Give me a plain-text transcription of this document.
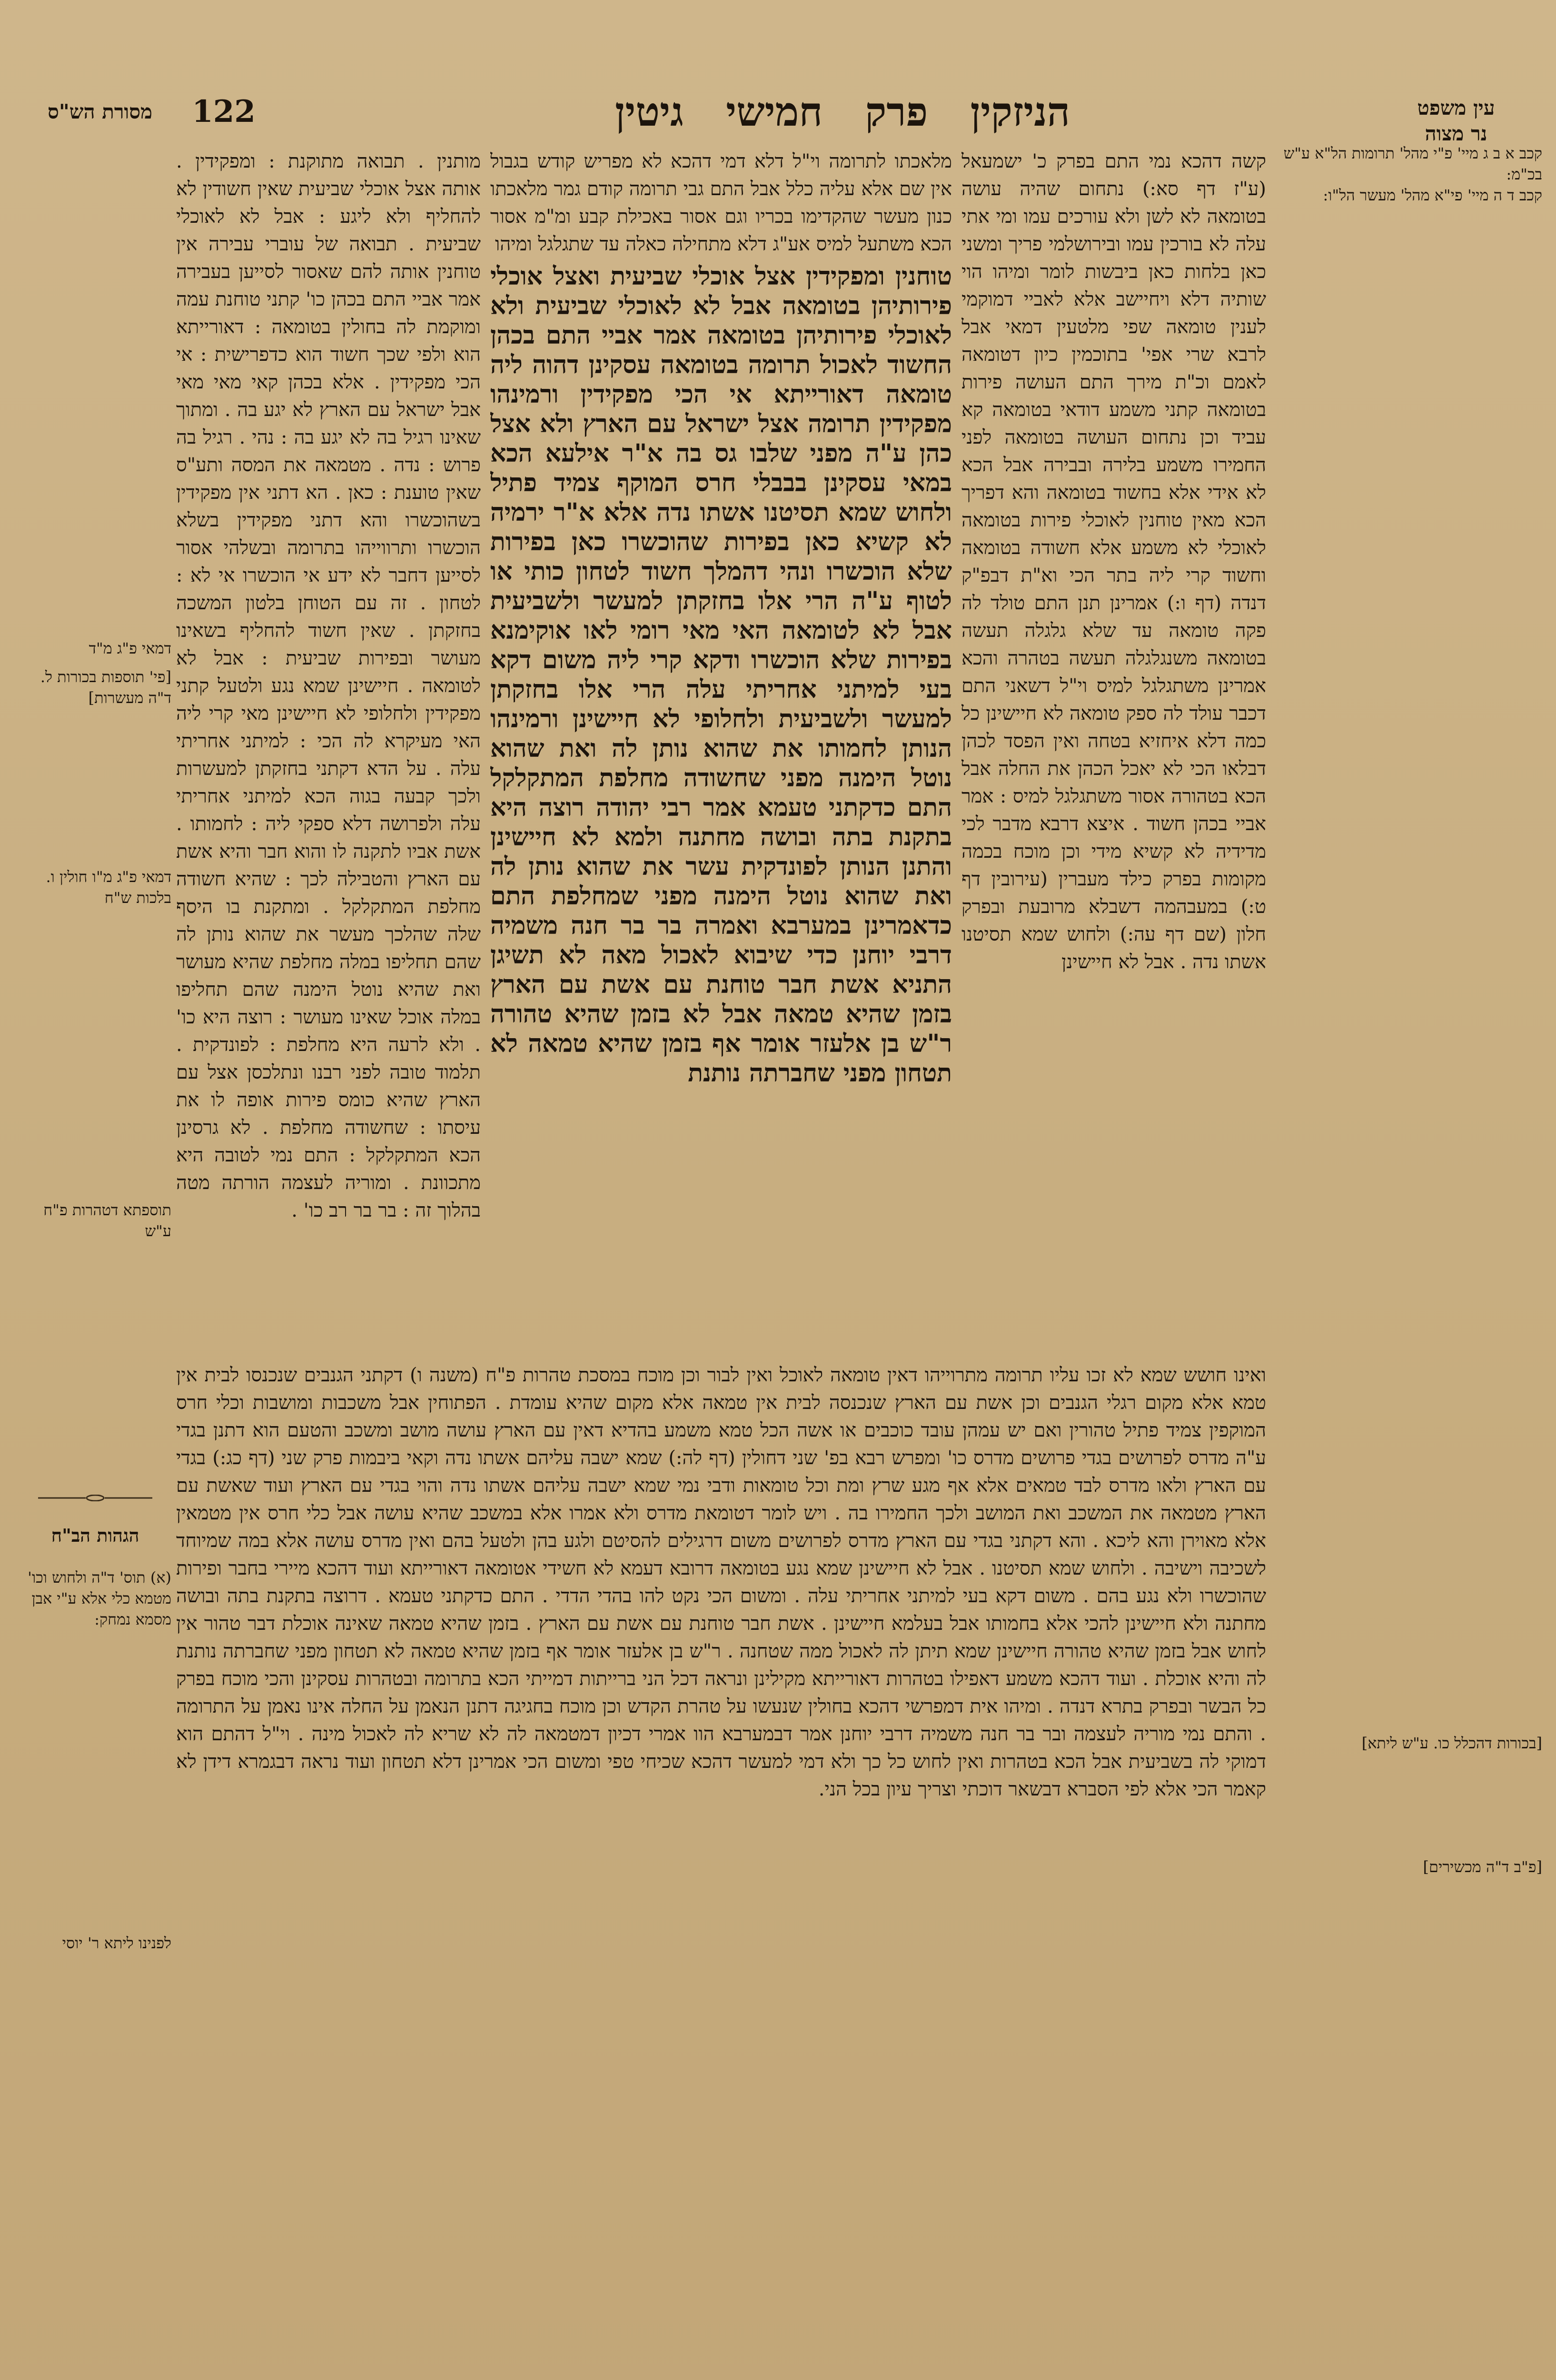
עין משפט
נר מצוה
122	הניזקין פרק חמישי גיטין
מסורת הש"ס
קכב א ב ג מיי' פ"י מהל' תרומות הל"א ע"ש בכ"מ:
קכב ד ה מיי' פי"א מהל' מעשר הל"ו:
דמאי פ"ג מ"ד
[פי' תוספות בכורות ל. ד"ה מעשרות]
דמאי פ"ג מ"ו חולין ו. בלכות ש"ח
תוספתא דטהרות פ"ח ע"ש

הגהות הב"ח

(א) תוס' ד"ה ולחוש וכו' מטמא כלי אלא ע"י אבן מסמא נמחק:

לפנינו ליתא ר' יוסי
[בכורות דהכלל כו. ע"ש ליתא]
[פ"ב ד"ה מכשירים]
מלאכתו לתרומה וי"ל דלא דמי דהכא לא מפריש קודש בגבול אין שם אלא עליה כלל אבל התם גבי תרומה קודם גמר מלאכתו כנון מעשר שהקדימו בכריו וגם אסור באכילת קבע ומ"מ אסור הכא משתעל למיס אע"ג דלא מתחילה כאלה עד שתגלגל ומיהו
טוחנין ומפקידין אצל אוכלי שביעית ואצל אוכלי פירותיהן בטומאה אבל לא לאוכלי שביעית ולא לאוכלי פירותיהן בטומאה אמר אביי התם בכהן החשוד לאכול תרומה בטומאה עסקינן דהוה ליה טומאה דאורייתא אי הכי מפקידין ורמינהו מפקידין תרומה אצל ישראל עם הארץ ולא אצל כהן ע"ה מפני שלבו גס בה א"ר אילעא הכא במאי עסקינן בבבלי חרס המוקף צמיד פתיל ולחוש שמא תסיטנו אשתו נדה אלא א"ר ירמיה לא קשיא כאן בפירות שהוכשרו כאן בפירות שלא הוכשרו ונהי דהמלך חשוד לטחון כותי או לטוף ע"ה הרי אלו בחזקתן למעשר ולשביעית אבל לא לטומאה האי מאי רומי לאו אוקימנא בפירות שלא הוכשרו ודקא קרי ליה משום דקא בעי למיתני אחריתי עלה הרי אלו בחזקתן למעשר ולשביעית ולחלופי לא חיישינן ורמינהו הנותן לחמותו את שהוא נותן לה ואת שהוא נוטל הימנה מפני שחשודה מחלפת המתקלקל התם כדקתני טעמא אמר רבי יהודה רוצה היא בתקנת בתה ובושה מחתנה ולמא לא חיישינן והתנן הנותן לפונדקית עשר את שהוא נותן לה ואת שהוא נוטל הימנה מפני שמחלפת התם כדאמרינן במערבא ואמרה בר בר חנה משמיה דרבי יוחנן כדי שיבוא לאכול מאה לא תשיגן התניא אשת חבר טוחנת עם אשת עם הארץ בזמן שהיא טמאה אבל לא בזמן שהיא טהורה ר"ש בן אלעזר אומר אף בזמן שהיא טמאה לא תטחון מפני שחברתה נותנת
קשה דהכא נמי התם בפרק כ' ישמעאל (ע"ז דף סא:) נתחום שהיה עושה בטומאה לא לשן ולא עורכים עמו ומי אתי עלה לא בורכין עמו ובירושלמי פריך ומשני כאן בלחות כאן ביבשות לומר ומיהו הוי שותיה דלא ויחיישב אלא לאביי דמוקמי לענין טומאה שפי מלטעין דמאי אבל לרבא שרי אפי' בתוכמין כיון דטומאה לאמם וכ"ת מירך התם העושה פירות בטומאה קתני משמע דודאי בטומאה קא עביד וכן נתחום העושה בטומאה לפני החמירו משמע בלירה ובבירה אבל הכא לא אידי אלא בחשוד בטומאה והא דפריך הכא מאין טוחנין לאוכלי פירות בטומאה לאוכלי לא משמע אלא חשודה בטומאה וחשוד קרי ליה בתר הכי וא"ת דבפ"ק דנדה (דף ו:) אמרינן תנן התם טולד לה פקה טומאה עד שלא גלגלה תעשה בטומאה משנגלגלה תעשה בטהרה והכא אמרינן משתגלגל למיס וי"ל דשאני התם דכבר עולד לה ספק טומאה לא חיישינן כל כמה דלא איחזיא בטחה ואין הפסד לכהן דבלאו הכי לא יאכל הכהן את החלה אבל הכא בטהורה אסור משתגלגל למיס : אמר אביי בכהן חשוד . איצא דרבא מדבר לכי מדידיה לא קשיא מידי וכן מוכח בכמה מקומות בפרק כילד מעברין (עירובין דף ט:) במעבהמה דשבלא מרובעת ובפרק חלון (שם דף עה:) ולחוש שמא תסיטנו אשתו נדה . אבל לא חיישינן
מותנין . תבואה מתוקנת : ומפקידין . אותה אצל אוכלי שביעית שאין חשודין לא להחליף ולא ליגע : אבל לא לאוכלי שביעית . תבואה של עוברי עבירה אין טוחנין אותה להם שאסור לסייען בעבירה אמר אביי התם בכהן כו' קתני טוחנת עמה ומוקמת לה בחולין בטומאה : דאורייתא הוא ולפי שכך חשוד הוא כדפרישית : אי הכי מפקידין . אלא בכהן קאי מאי מאי אבל ישראל עם הארץ לא יגע בה . ומתוך שאינו רגיל בה לא יגע בה : נהי . רגיל בה פרוש : נדה . מטמאה את המסה ותע"ס שאין טוענת : כאן . הא דתני אין מפקידין בשהוכשרו והא דתני מפקידין בשלא הוכשרו ותרווייהו בתרומה ובשלהי אסור לסייען דחבר לא ידע אי הוכשרו אי לא : לטחון . זה עם הטוחן בלטון המשכה בחזקתן . שאין חשוד להחליף בשאינו מעושר ובפירות שביעית : אבל לא לטומאה . חיישינן שמא נגע ולטעל קתני מפקידין ולחלופי לא חיישינן מאי קרי ליה האי מעיקרא לה הכי : למיתני אחריתי עלה . על הדא דקתני בחזקתן למעשרות ולכך קבעה בגוה הכא למיתני אחריתי עלה ולפרושה דלא ספקי ליה : לחמותו . אשת אביו לתקנה לו והוא חבר והיא אשת עם הארץ והטבילה לכך : שהיא חשודה מחלפת המתקלקל . ומתקנת בו היסף שלה שהלכך מעשר את שהוא נותן לה שהם תחליפו במלה מחלפת שהיא מעושר ואת שהיא נוטל הימנה שהם תחליפו במלה אוכל שאינו מעושר : רוצה היא כו' . ולא לרעה היא מחלפת : לפונדקית . תלמוד טובה לפני רבנו ונתלכסן אצל עם הארץ שהיא כומס פירות אופה לו את עיסתו : שחשודה מחלפת . לא גרסינן הכא המתקלקל : התם נמי לטובה היא מתכוונת . ומוריה לעצמה הורתה מטה בהלוך זה : בר בר רב כו' .
ואינו חושש שמא לא זכו עליו תרומה מתרוייהו דאין טומאה לאוכל ואין לבור וכן מוכח במסכת טהרות פ"ח (משנה ו) דקתני הגנבים שנכנסו לבית אין טמא אלא מקום רגלי הגנבים וכן אשת עם הארץ שנכנסה לבית אין טמאה אלא מקום שהיא עומדת . הפתוחין אבל משכבות ומושבות וכלי חרס המוקפין צמיד פתיל טהורין ואם יש עמהן עובד כוכבים או אשה הכל טמא משמע בהדיא דאין עם הארץ עושה מושב ומשכב והטעם הוא דתנן בגדי ע"ה מדרס לפרושים בגדי פרושים מדרס כו' ומפרש רבא בפ' שני דחולין (דף לה:) שמא ישבה עליהם אשתו נדה וקאי ביבמות פרק שני (דף כג:) בגדי עם הארץ ולאו מדרס לבד טמאים אלא אף מגע שרץ ומת וכל טומאות ודבי נמי שמא ישבה עליהם אשתו נדה והוי בגדי עם הארץ ועוד שאשת עם הארץ מטמאה את המשכב ואת המושב ולכך החמירו בה . ויש לומר דטומאת מדרס ולא אמרו אלא במשכב שהיא עושה אבל כלי חרס אין מטמאין אלא מאוירן והא ליכא . והא דקתני בגדי עם הארץ מדרס לפרושים משום דרגילים להסיטם ולגע בהן ולטעל בהם ואין מדרס עושה אלא במה שמיוחד לשכיבה וישיבה . ולחוש שמא תסיטנו . אבל לא חיישינן שמא נגע בטומאה דרובא דעמא לא חשידי אטומאה דאורייתא ועוד דהכא מיירי בחבר ופירות שהוכשרו ולא נגע בהם . משום דקא בעי למיתני אחריתי עלה . ומשום הכי נקט להו בהדי הדדי . התם כדקתני טעמא . דרוצה בתקנת בתה ובושה מחתנה ולא חיישינן להכי אלא בחמותו אבל בעלמא חיישינן . אשת חבר טוחנת עם אשת עם הארץ . בזמן שהיא טמאה שאינה אוכלת דבר טהור אין לחוש אבל בזמן שהיא טהורה חיישינן שמא תיתן לה לאכול ממה שטחנה . ר"ש בן אלעזר אומר אף בזמן שהיא טמאה לא תטחון מפני שחברתה נותנת לה והיא אוכלת . ועוד דהכא משמע דאפילו בטהרות דאורייתא מקילינן ונראה דכל הני ברייתות דמייתי הכא בתרומה ובטהרות עסקינן והכי מוכח בפרק כל הבשר ובפרק בתרא דנדה . ומיהו אית דמפרשי דהכא בחולין שנעשו על טהרת הקדש וכן מוכח בחגיגה דתנן הנאמן על החלה אינו נאמן על התרומה . והתם נמי מוריה לעצמה ובר בר חנה משמיה דרבי יוחנן אמר דבמערבא הוו אמרי דכיון דמטמאה לה לא שריא לה לאכול מינה . וי"ל דהתם הוא דמוקי לה בשביעית אבל הכא בטהרות ואין לחוש כל כך ולא דמי למעשר דהכא שכיחי טפי ומשום הכי אמרינן דלא תטחון ועוד נראה דבגמרא דידן לא קאמר הכי אלא לפי הסברא דבשאר דוכתי וצריך עיון בכל הני.
